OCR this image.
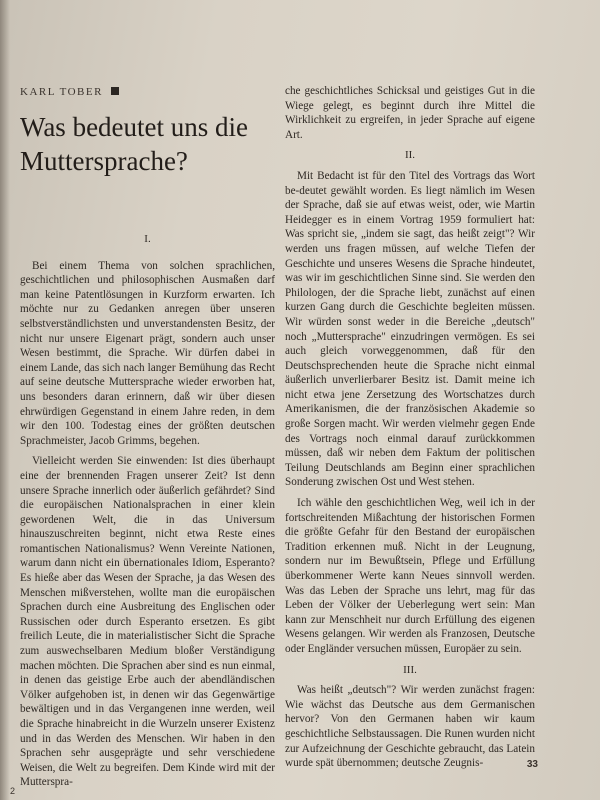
KARL TOBER
Was bedeutet uns die Muttersprache?

I.

Bei einem Thema von solchen sprachlichen, geschichtlichen und philosophischen Ausmaßen darf man keine Patentlösungen in Kurzform erwarten. Ich möchte nur zu Gedanken anregen über unseren selbstverständlichsten und unverstandensten Besitz, der nicht nur unsere Eigenart prägt, sondern auch unser Wesen bestimmt, die Sprache. Wir dürfen dabei in einem Lande, das sich nach langer Bemühung das Recht auf seine deutsche Muttersprache wieder erworben hat, uns besonders daran erinnern, daß wir über diesen ehrwürdigen Gegenstand in einem Jahre reden, in dem wir den 100. Todestag eines der größten deutschen Sprachmeister, Jacob Grimms, begehen.

Vielleicht werden Sie einwenden: Ist dies überhaupt eine der brennenden Fragen unserer Zeit? Ist denn unsere Sprache innerlich oder äußerlich gefährdet? Sind die europäischen Nationalsprachen in einer klein gewordenen Welt, die in das Universum hinauszuschreiten beginnt, nicht etwa Reste eines romantischen Nationalismus? Wenn Vereinte Nationen, warum dann nicht ein übernationales Idiom, Esperanto? Es hieße aber das Wesen der Sprache, ja das Wesen des Menschen mißverstehen, wollte man die europäischen Sprachen durch eine Ausbreitung des Englischen oder Russischen oder durch Esperanto ersetzen. Es gibt freilich Leute, die in materialistischer Sicht die Sprache zum auswechselbaren Medium bloßer Verständigung machen möchten. Die Sprachen aber sind es nun einmal, in denen das geistige Erbe auch der abendländischen Völker aufgehoben ist, in denen wir das Gegenwärtige bewältigen und in das Vergangenen inne werden, weil die Sprache hinabreicht in die Wurzeln unserer Existenz und in das Werden des Menschen. Wir haben in den Sprachen sehr ausgeprägte und sehr verschiedene Weisen, die Welt zu begreifen. Dem Kinde wird mit der Mutterspra-

che geschichtliches Schicksal und geistiges Gut in die Wiege gelegt, es beginnt durch ihre Mittel die Wirklichkeit zu ergreifen, in jeder Sprache auf eigene Art.

II.

Mit Bedacht ist für den Titel des Vortrags das Wort be-deutet gewählt worden. Es liegt nämlich im Wesen der Sprache, daß sie auf etwas weist, oder, wie Martin Heidegger es in einem Vortrag 1959 formuliert hat: Was spricht sie, „indem sie sagt, das heißt zeigt"? Wir werden uns fragen müssen, auf welche Tiefen der Geschichte und unseres Wesens die Sprache hindeutet, was wir im geschichtlichen Sinne sind. Sie werden den Philologen, der die Sprache liebt, zunächst auf einen kurzen Gang durch die Geschichte begleiten müssen. Wir würden sonst weder in die Bereiche „deutsch" noch „Muttersprache" einzudringen vermögen. Es sei auch gleich vorweggenommen, daß für den Deutschsprechenden heute die Sprache nicht einmal äußerlich unverlierbarer Besitz ist. Damit meine ich nicht etwa jene Zersetzung des Wortschatzes durch Amerikanismen, die der französischen Akademie so große Sorgen macht. Wir werden vielmehr gegen Ende des Vortrags noch einmal darauf zurückkommen müssen, daß wir neben dem Faktum der politischen Teilung Deutschlands am Beginn einer sprachlichen Sonderung zwischen Ost und West stehen.

Ich wähle den geschichtlichen Weg, weil ich in der fortschreitenden Mißachtung der historischen Formen die größte Gefahr für den Bestand der europäischen Tradition erkennen muß. Nicht in der Leugnung, sondern nur im Bewußtsein, Pflege und Erfüllung überkommener Werte kann Neues sinnvoll werden. Was das Leben der Sprache uns lehrt, mag für das Leben der Völker der Ueberlegung wert sein: Man kann zur Menschheit nur durch Erfüllung des eigenen Wesens gelangen. Wir werden als Franzosen, Deutsche oder Engländer versuchen müssen, Europäer zu sein.

III.

Was heißt „deutsch"? Wir werden zunächst fragen: Wie wächst das Deutsche aus dem Germanischen hervor? Von den Germanen haben wir kaum geschichtliche Selbstaussagen. Die Runen wurden nicht zur Aufzeichnung der Geschichte gebraucht, das Latein wurde spät übernommen; deutsche Zeugnis-	33
2
